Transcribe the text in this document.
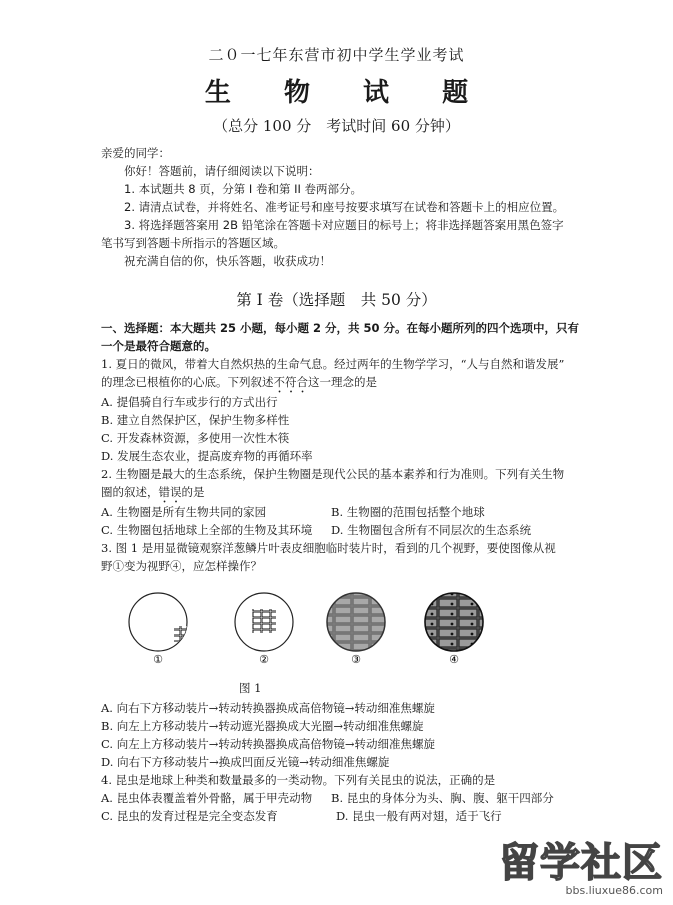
二０一七年东营市初中学生学业考试
生 物 试 题
（总分 100 分　考试时间 60 分钟）
亲爱的同学：
你好！答题前，请仔细阅读以下说明：
1. 本试题共 8 页，分第 I 卷和第 II 卷两部分。
2. 请清点试卷，并将姓名、准考证号和座号按要求填写在试卷和答题卡上的相应位置。
3. 将选择题答案用 2B 铅笔涂在答题卡对应题目的标号上；将非选择题答案用黑色签字
笔书写到答题卡所指示的答题区域。
祝充满自信的你，快乐答题，收获成功！
第 I 卷（选择题　共 50 分）
一、选择题：本大题共 25 小题，每小题 2 分，共 50 分。在每小题所列的四个选项中，只有
一个是最符合题意的。
1. 夏日的微风，带着大自然炽热的生命气息。经过两年的生物学学习，“人与自然和谐发展”
的理念已根植你的心底。下列叙述不符合这一理念的是
A. 提倡骑自行车或步行的方式出行
B. 建立自然保护区，保护生物多样性
C. 开发森林资源，多使用一次性木筷
D. 发展生态农业，提高废弃物的再循环率
2. 生物圈是最大的生态系统，保护生物圈是现代公民的基本素养和行为准则。下列有关生物
圈的叙述，错误的是
A. 生物圈是所有生物共同的家园	B. 生物圈的范围包括整个地球
C. 生物圈包括地球上全部的生物及其环境 D. 生物圈包含所有不同层次的生态系统
3. 图 1 是用显微镜观察洋葱鳞片叶表皮细胞临时装片时，看到的几个视野，要使图像从视
野①变为视野④，应怎样操作？
①	②	③	④
图 1
A. 向右下方移动装片→转动转换器换成高倍物镜→转动细准焦螺旋
B. 向左上方移动装片→转动遮光器换成大光圈→转动细准焦螺旋
C. 向左上方移动装片→转动转换器换成高倍物镜→转动细准焦螺旋
D. 向右下方移动装片→换成凹面反光镜→转动细准焦螺旋
4. 昆虫是地球上种类和数量最多的一类动物。下列有关昆虫的说法，正确的是
A. 昆虫体表覆盖着外骨骼，属于甲壳动物 B. 昆虫的身体分为头、胸、腹、躯干四部分
C. 昆虫的发育过程是完全变态发育	D. 昆虫一般有两对翅，适于飞行
留学社区
bbs.liuxue86.com
